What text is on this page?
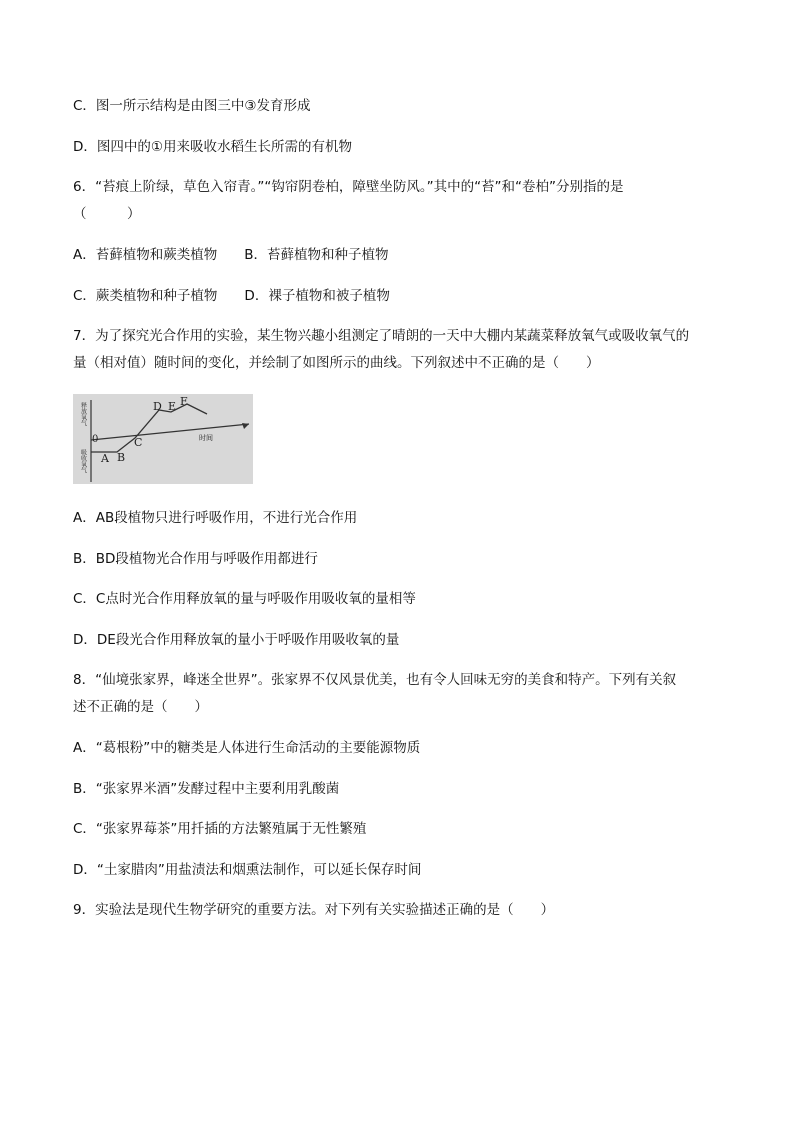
C．图一所示结构是由图三中③发育形成
D．图四中的①用来吸收水稻生长所需的有机物
6．“苔痕上阶绿，草色入帘青。”“钩帘阴卷柏，障壁坐防风。”其中的“苔”和“卷柏”分别指的是
（　　　）
A．苔藓植物和蕨类植物　　B．苔藓植物和种子植物
C．蕨类植物和种子植物　　D．裸子植物和被子植物
7．为了探究光合作用的实验，某生物兴趣小组测定了晴朗的一天中大棚内某蔬菜释放氧气或吸收氧气的
量（相对值）随时间的变化，并绘制了如图所示的曲线。下列叙述中不正确的是（　　）
释放氧气
吸收氧气
0
A B
C
D E F
时间
A．AB段植物只进行呼吸作用，不进行光合作用
B．BD段植物光合作用与呼吸作用都进行
C．C点时光合作用释放氧的量与呼吸作用吸收氧的量相等
D．DE段光合作用释放氧的量小于呼吸作用吸收氧的量
8．“仙境张家界，峰迷全世界”。张家界不仅风景优美，也有令人回味无穷的美食和特产。下列有关叙
述不正确的是（　　）
A．“葛根粉”中的糖类是人体进行生命活动的主要能源物质
B．“张家界米酒”发酵过程中主要利用乳酸菌
C．“张家界莓茶”用扦插的方法繁殖属于无性繁殖
D．“土家腊肉”用盐渍法和烟熏法制作，可以延长保存时间
9．实验法是现代生物学研究的重要方法。对下列有关实验描述正确的是（　　）
